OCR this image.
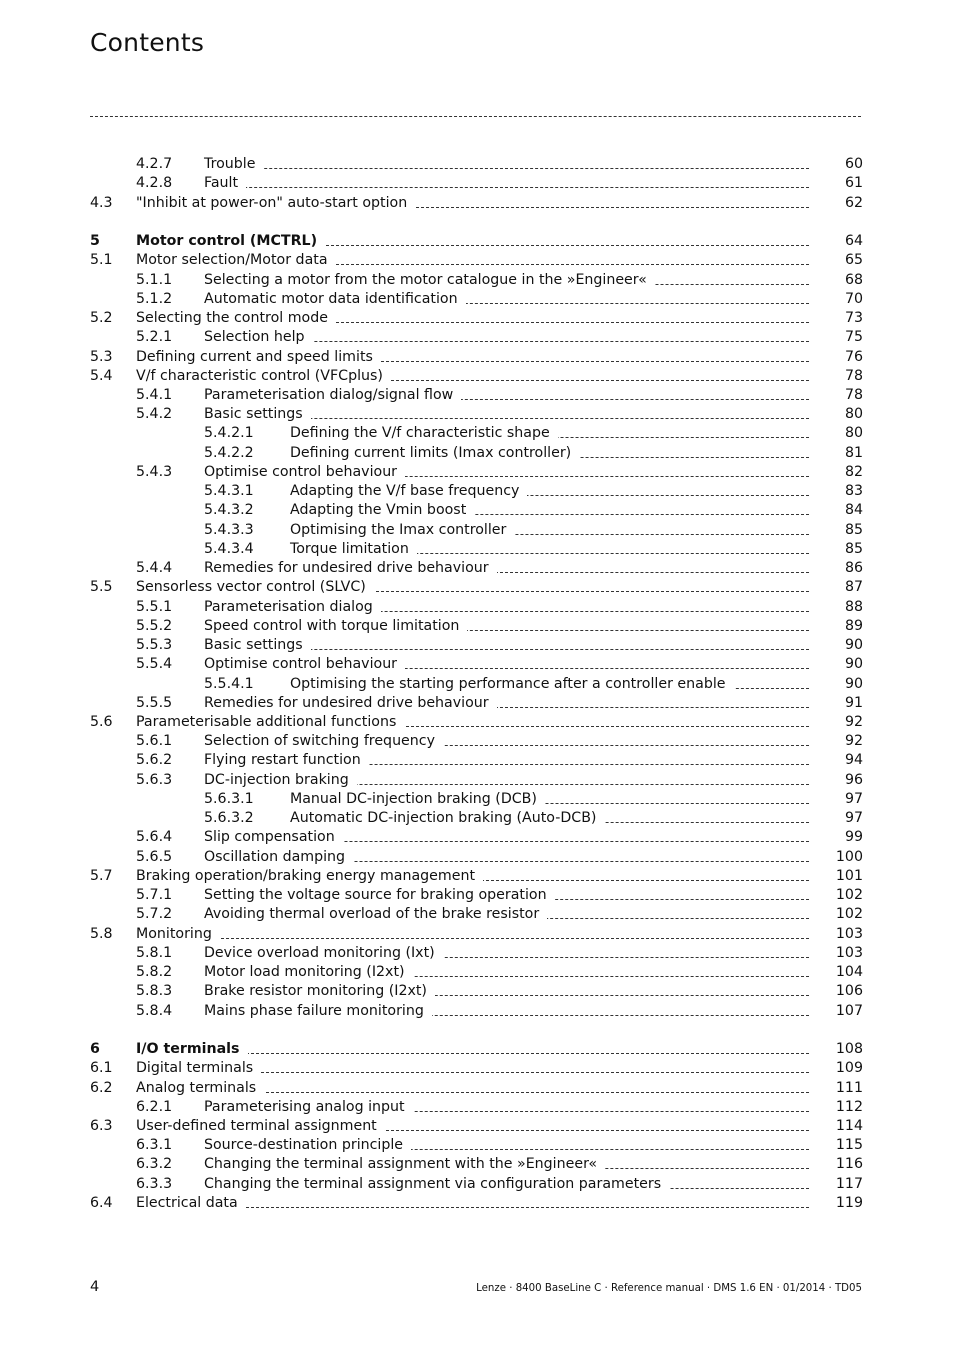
Contents
4.2.7 Trouble	60
4.2.8 Fault	61
4.3 "Inhibit at power-on" auto-start option	62
5	Motor control (MCTRL)	64
5.1 Motor selection/Motor data	65
5.1.1 Selecting a motor from the motor catalogue in the »Engineer«	68
5.1.2 Automatic motor data identification	70
5.2 Selecting the control mode	73
5.2.1 Selection help	75
5.3 Defining current and speed limits	76
5.4 V/f characteristic control (VFCplus)	78
5.4.1 Parameterisation dialog/signal flow	78
5.4.2 Basic settings	80
5.4.2.1	Defining the V/f characteristic shape	80
5.4.2.2	Defining current limits (Imax controller)	81
5.4.3 Optimise control behaviour	82
5.4.3.1	Adapting the V/f base frequency	83
5.4.3.2	Adapting the Vmin boost	84
5.4.3.3	Optimising the Imax controller	85
5.4.3.4	Torque limitation	85
5.4.4 Remedies for undesired drive behaviour	86
5.5 Sensorless vector control (SLVC)	87
5.5.1 Parameterisation dialog	88
5.5.2 Speed control with torque limitation	89
5.5.3 Basic settings	90
5.5.4 Optimise control behaviour	90
5.5.4.1	Optimising the starting performance after a controller enable	90
5.5.5 Remedies for undesired drive behaviour	91
5.6 Parameterisable additional functions	92
5.6.1 Selection of switching frequency	92
5.6.2 Flying restart function	94
5.6.3 DC-injection braking	96
5.6.3.1	Manual DC-injection braking (DCB)	97
5.6.3.2	Automatic DC-injection braking (Auto-DCB)	97
5.6.4 Slip compensation	99
5.6.5 Oscillation damping	100
5.7 Braking operation/braking energy management	101
5.7.1 Setting the voltage source for braking operation	102
5.7.2 Avoiding thermal overload of the brake resistor	102
5.8 Monitoring	103
5.8.1 Device overload monitoring (Ixt)	103
5.8.2 Motor load monitoring (I2xt)	104
5.8.3 Brake resistor monitoring (I2xt)	106
5.8.4 Mains phase failure monitoring	107
6	I/O terminals	108
6.1 Digital terminals	109
6.2 Analog terminals	111
6.2.1 Parameterising analog input	112
6.3 User-defined terminal assignment	114
6.3.1 Source-destination principle	115
6.3.2 Changing the terminal assignment with the »Engineer«	116
6.3.3 Changing the terminal assignment via configuration parameters	117
6.4 Electrical data	119
4	Lenze · 8400 BaseLine C · Reference manual · DMS 1.6 EN · 01/2014 · TD05
